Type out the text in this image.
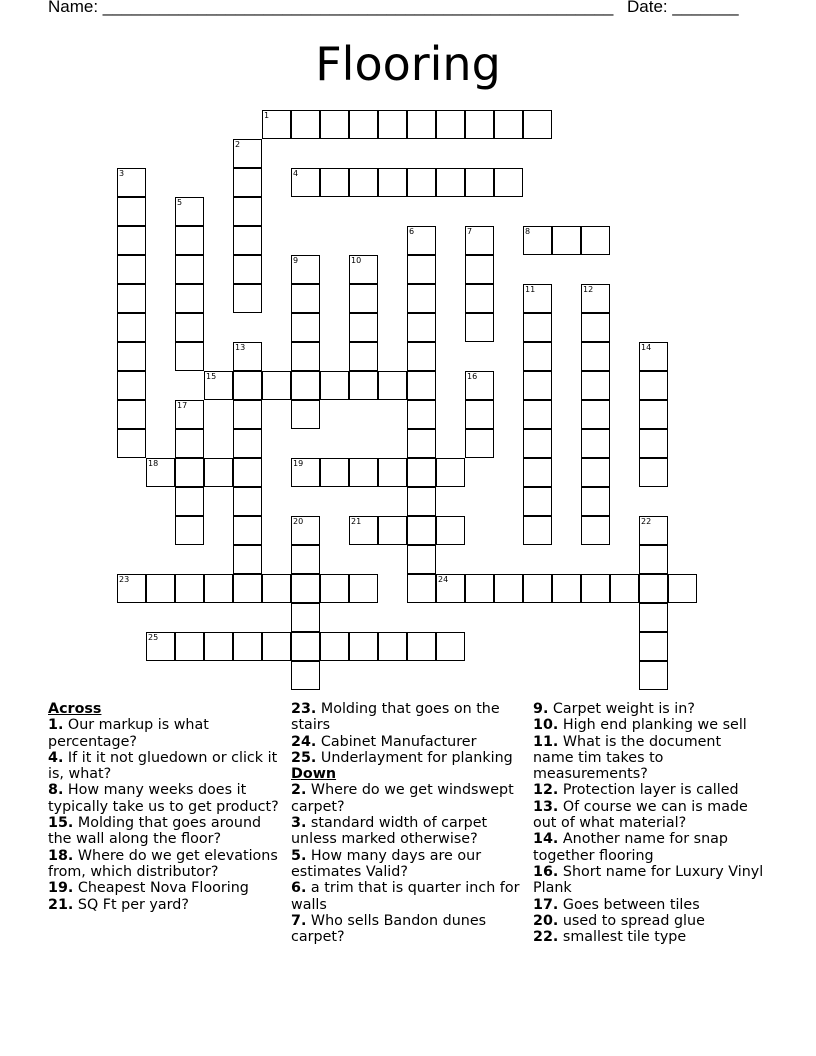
Name: ______________________________________________________ Date: _______
Flooring
1
4
8
15
18	19
21
23	24
25
2
3
5
6	7
9	10
11	12
13	14
16
17
20	22
Across
1. Our markup is what percentage?
4. If it it not gluedown or click it is, what?
8. How many weeks does it typically take us to get product?
15. Molding that goes around the wall along the floor?
18. Where do we get elevations from, which distributor?
19. Cheapest Nova Flooring
21. SQ Ft per yard?
23. Molding that goes on the stairs
24. Cabinet Manufacturer
25. Underlayment for planking
Down
2. Where do we get windswept carpet?
3. standard width of carpet unless marked otherwise?
5. How many days are our estimates Valid?
6. a trim that is quarter inch for walls
7. Who sells Bandon dunes carpet?
9. Carpet weight is in?
10. High end planking we sell
11. What is the document name tim takes to measurements?
12. Protection layer is called
13. Of course we can is made out of what material?
14. Another name for snap together flooring
16. Short name for Luxury Vinyl Plank
17. Goes between tiles
20. used to spread glue
22. smallest tile type
